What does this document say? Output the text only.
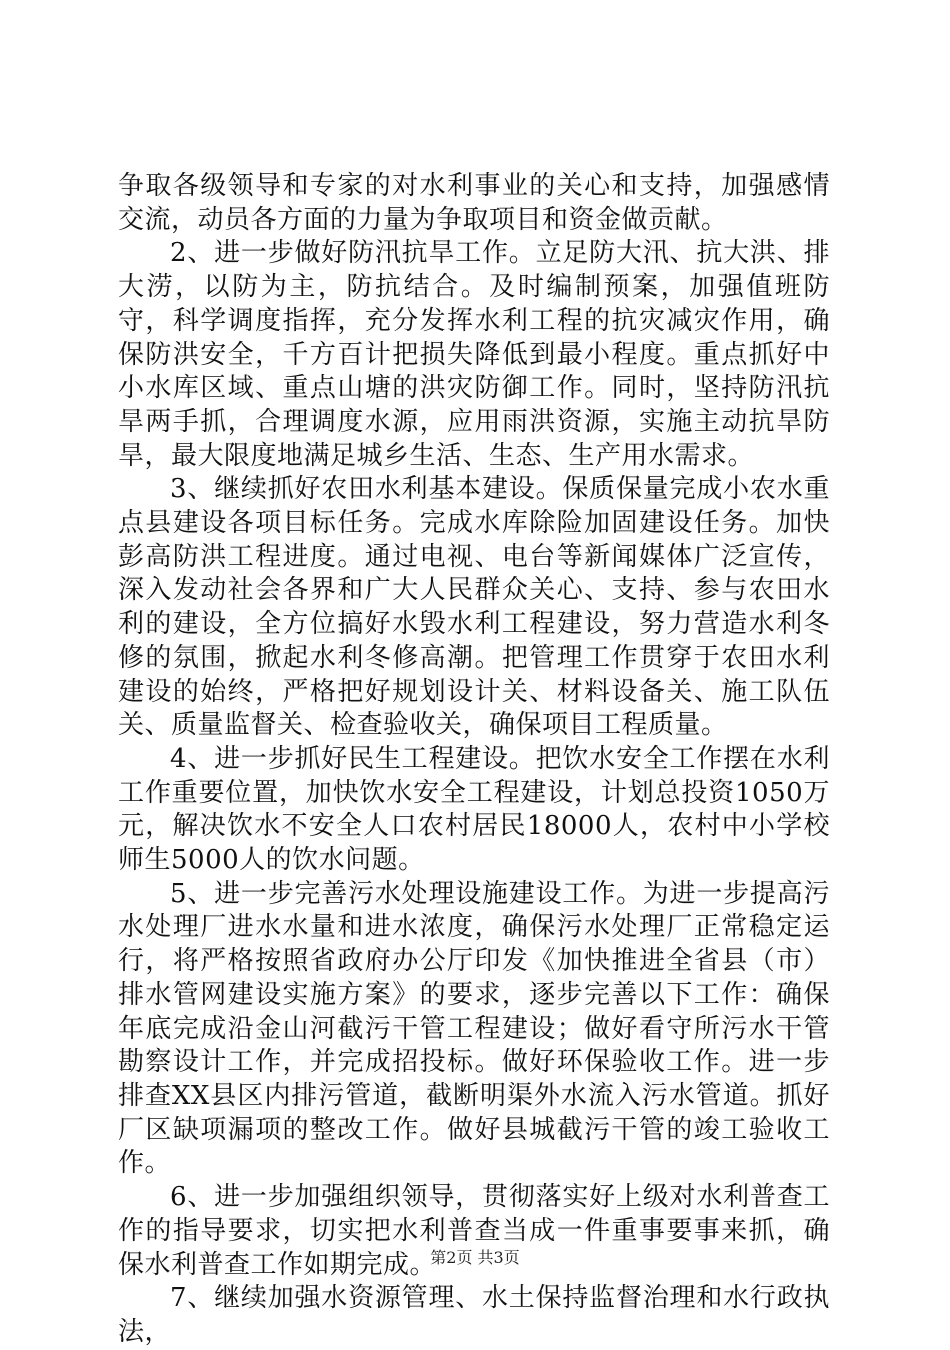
争取各级领导和专家的对水利事业的关心和支持，加强感情交流，动员各方面的力量为争取项目和资金做贡献。

2、进一步做好防汛抗旱工作。立足防大汛、抗大洪、排大涝，以防为主，防抗结合。及时编制预案，加强值班防守，科学调度指挥，充分发挥水利工程的抗灾减灾作用，确保防洪安全，千方百计把损失降低到最小程度。重点抓好中小水库区域、重点山塘的洪灾防御工作。同时，坚持防汛抗旱两手抓，合理调度水源，应用雨洪资源，实施主动抗旱防旱，最大限度地满足城乡生活、生态、生产用水需求。

3、继续抓好农田水利基本建设。保质保量完成小农水重点县建设各项目标任务。完成水库除险加固建设任务。加快彭高防洪工程进度。通过电视、电台等新闻媒体广泛宣传，深入发动社会各界和广大人民群众关心、支持、参与农田水利的建设，全方位搞好水毁水利工程建设，努力营造水利冬修的氛围，掀起水利冬修高潮。把管理工作贯穿于农田水利建设的始终，严格把好规划设计关、材料设备关、施工队伍关、质量监督关、检查验收关，确保项目工程质量。

4、进一步抓好民生工程建设。把饮水安全工作摆在水利工作重要位置，加快饮水安全工程建设，计划总投资1050万元，解决饮水不安全人口农村居民18000人，农村中小学校师生5000人的饮水问题。

5、进一步完善污水处理设施建设工作。为进一步提高污水处理厂进水水量和进水浓度，确保污水处理厂正常稳定运行，将严格按照省政府办公厅印发《加快推进全省县（市）排水管网建设实施方案》的要求，逐步完善以下工作：确保年底完成沿金山河截污干管工程建设；做好看守所污水干管勘察设计工作，并完成招投标。做好环保验收工作。进一步排查XX县区内排污管道，截断明渠外水流入污水管道。抓好厂区缺项漏项的整改工作。做好县城截污干管的竣工验收工作。

6、进一步加强组织领导，贯彻落实好上级对水利普查工作的指导要求，切实把水利普查当成一件重事要事来抓，确保水利普查工作如期完成。

7、继续加强水资源管理、水土保持监督治理和水行政执法，

第2页 共3页
